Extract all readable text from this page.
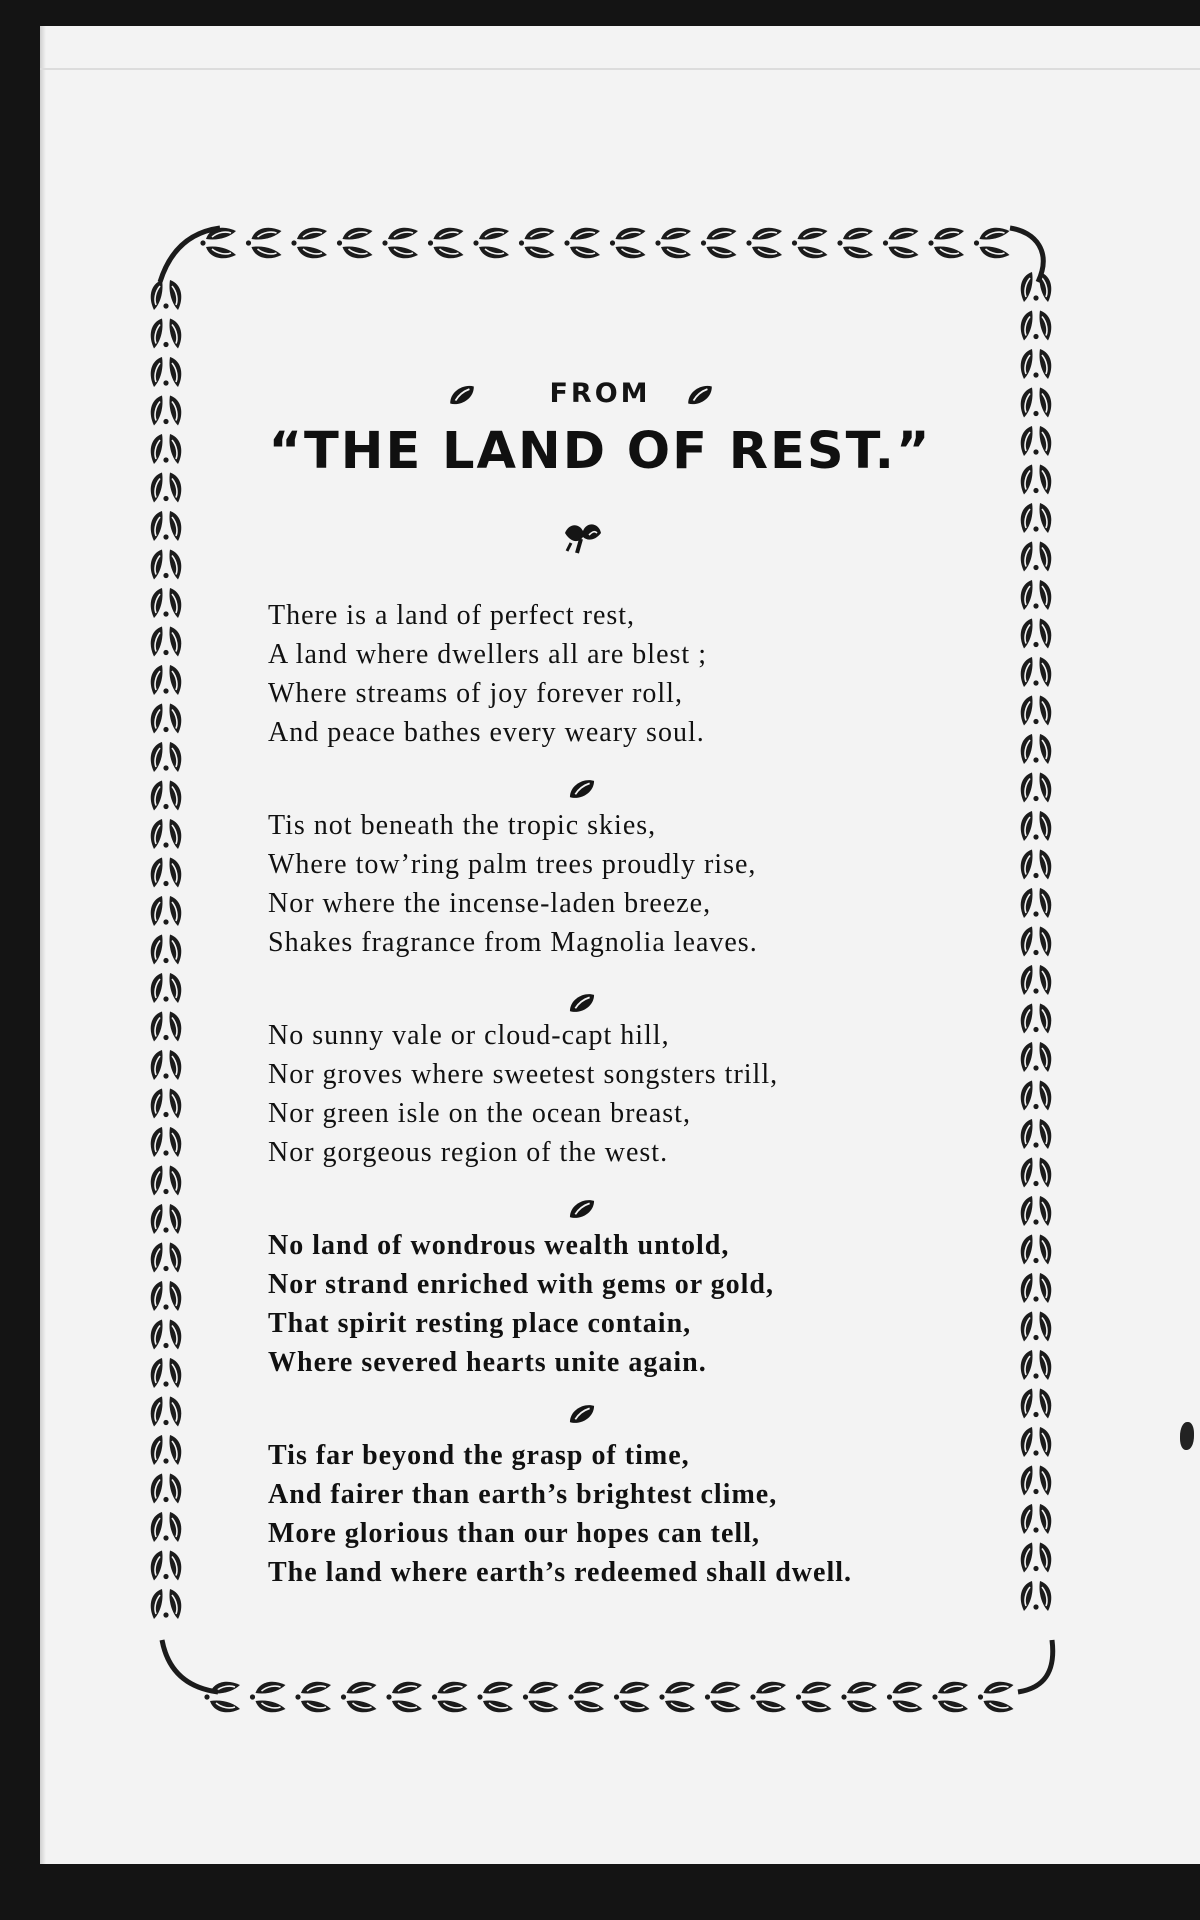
FROM
“THE LAND OF REST.”
There is a land of perfect rest,
A land where dwellers all are blest ;
Where streams of joy forever roll,
And peace bathes every weary soul.
Tis not beneath the tropic skies,
Where tow’ring palm trees proudly rise,
Nor where the incense-laden breeze,
Shakes fragrance from Magnolia leaves.
No sunny vale or cloud-capt hill,
Nor groves where sweetest songsters trill,
Nor green isle on the ocean breast,
Nor gorgeous region of the west.
No land of wondrous wealth untold,
Nor strand enriched with gems or gold,
That spirit resting place contain,
Where severed hearts unite again.
Tis far beyond the grasp of time,
And fairer than earth’s brightest clime,
More glorious than our hopes can tell,
The land where earth’s redeemed shall dwell.
